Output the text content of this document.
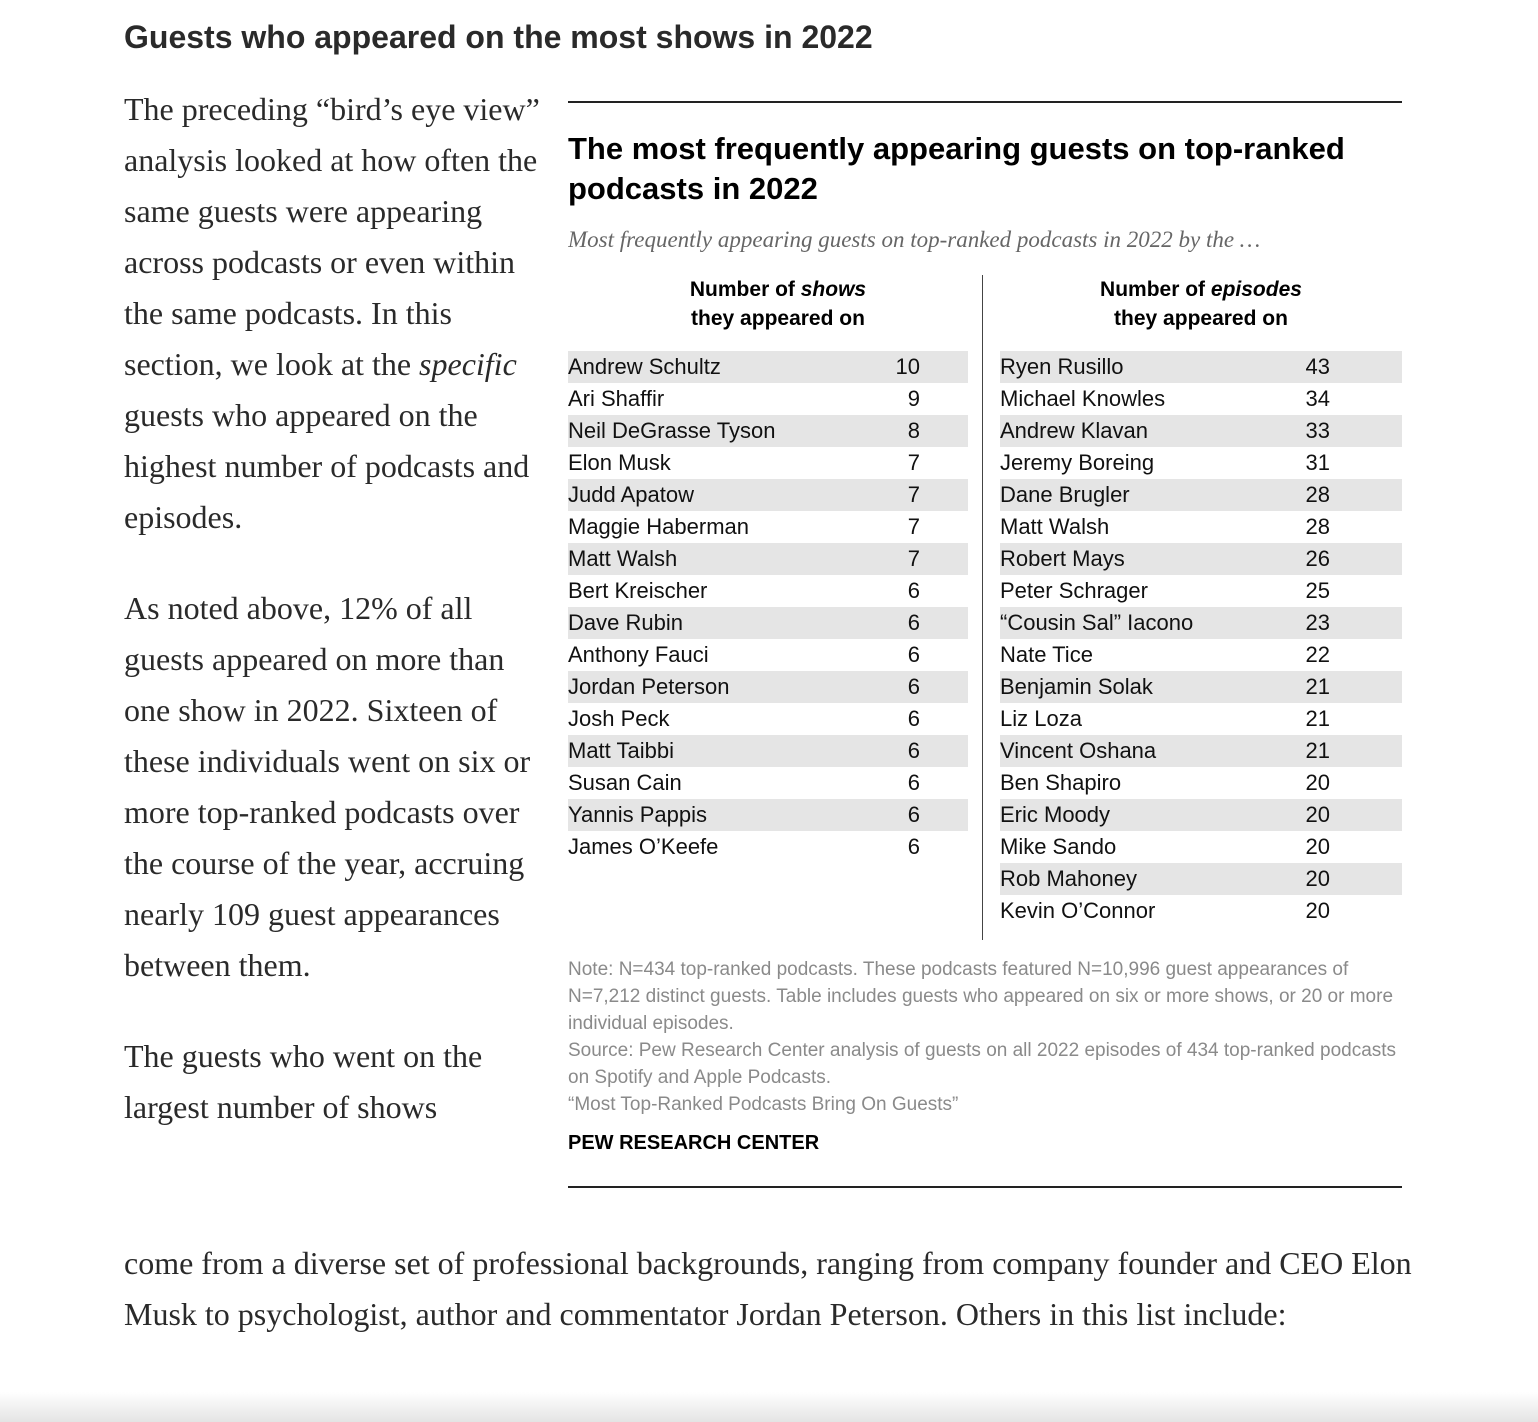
Guests who appeared on the most shows in 2022

The preceding “bird’s eye view” analysis looked at how often the same guests were appearing across podcasts or even within the same podcasts. In this section, we look at the specific guests who appeared on the highest number of podcasts and episodes.

As noted above, 12% of all guests appeared on more than one show in 2022. Sixteen of these individuals went on six or more top-ranked podcasts over the course of the year, accruing nearly 109 guest appearances between them.

The guests who went on the largest number of shows

The most frequently appearing guests on top-ranked podcasts in 2022
Most frequently appearing guests on top-ranked podcasts in 2022 by the …
Number of shows
they appeared on
Andrew Schultz	10
Ari Shaffir	9
Neil DeGrasse Tyson	8
Elon Musk	7
Judd Apatow	7
Maggie Haberman	7
Matt Walsh	7
Bert Kreischer	6
Dave Rubin	6
Anthony Fauci	6
Jordan Peterson	6
Josh Peck	6
Matt Taibbi	6
Susan Cain	6
Yannis Pappis	6
James O’Keefe	6
Number of episodes
they appeared on
Ryen Rusillo	43
Michael Knowles	34
Andrew Klavan	33
Jeremy Boreing	31
Dane Brugler	28
Matt Walsh	28
Robert Mays	26
Peter Schrager	25
“Cousin Sal” Iacono	23
Nate Tice	22
Benjamin Solak	21
Liz Loza	21
Vincent Oshana	21
Ben Shapiro	20
Eric Moody	20
Mike Sando	20
Rob Mahoney	20
Kevin O’Connor	20
Note: N=434 top-ranked podcasts. These podcasts featured N=10,996 guest appearances of N=7,212 distinct guests. Table includes guests who appeared on six or more shows, or 20 or more individual episodes.
Source: Pew Research Center analysis of guests on all 2022 episodes of 434 top-ranked podcasts on Spotify and Apple Podcasts.
“Most Top-Ranked Podcasts Bring On Guests”
PEW RESEARCH CENTER

come from a diverse set of professional backgrounds, ranging from company founder and CEO Elon Musk to psychologist, author and commentator Jordan Peterson. Others in this list include:
